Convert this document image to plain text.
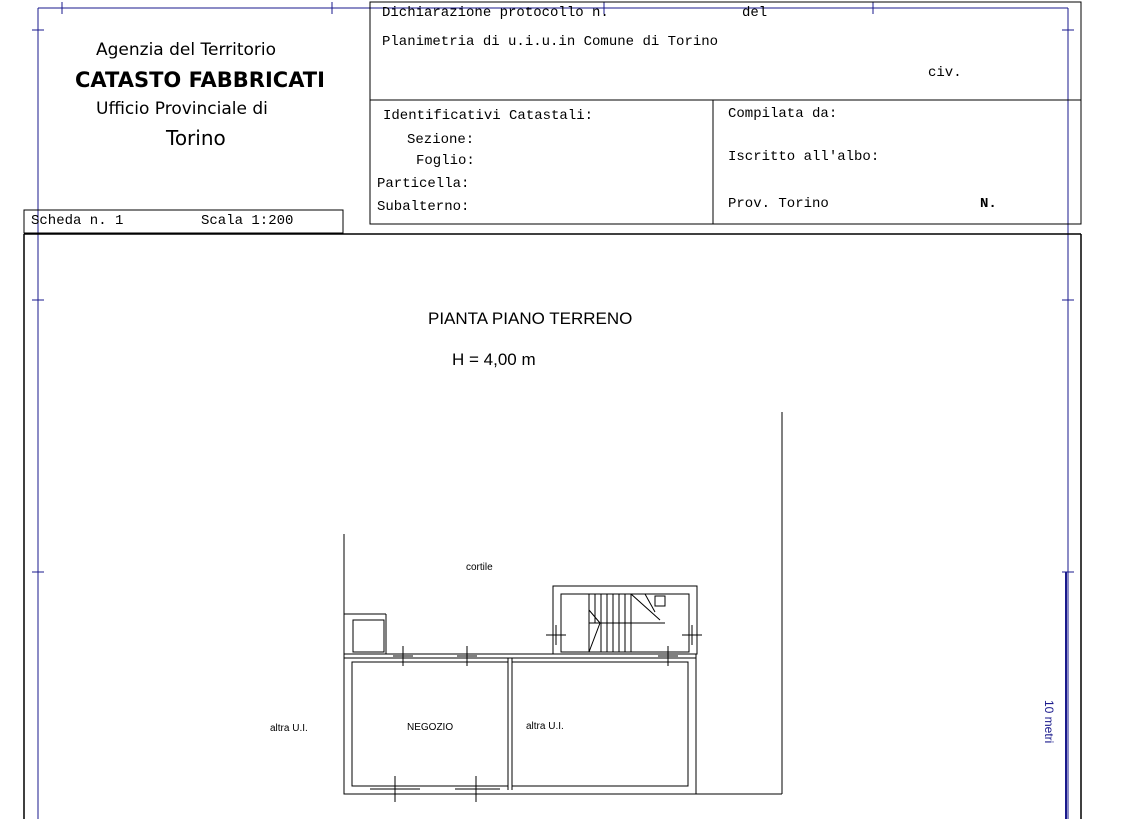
Agenzia del Territorio
CATASTO FABBRICATI
Ufficio Provinciale di
Torino
Dichiarazione protocollo n.	del
Planimetria di u.i.u.in Comune di Torino
civ.
Identificativi Catastali:
Sezione:
Foglio:
Particella:
Subalterno:
Compilata da:
Iscritto all'albo:
Prov. Torino	N.
Scheda n. 1	Scala 1:200
PIANTA PIANO TERRENO
H = 4,00 m
cortile
altra U.I.	NEGOZIO	altra U.I.	10 metri
